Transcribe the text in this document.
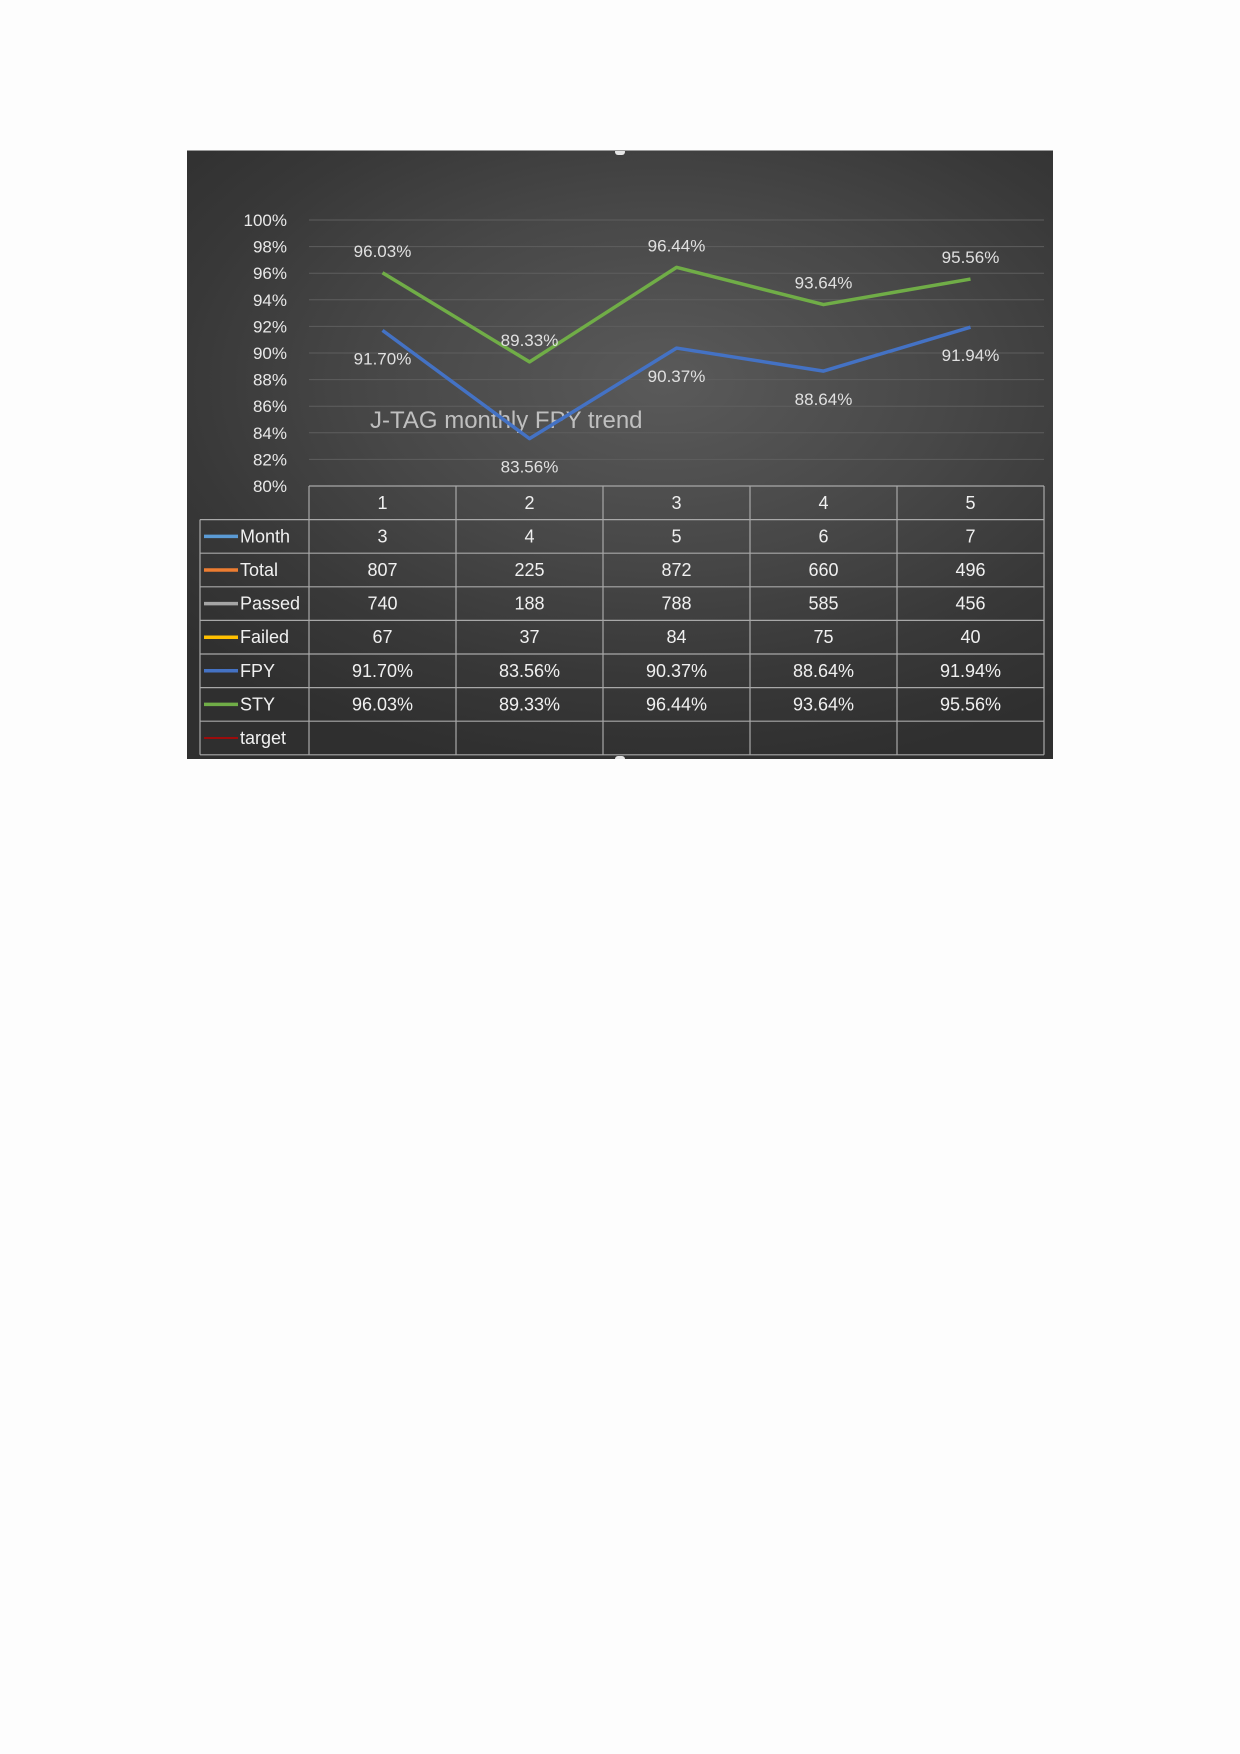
80%
82%
84%
86%
88%
90%
92%
94%
96%
98%
100%
J-TAG monthly FPY trend
91.70%
83.56%
90.37%
88.64%
91.94%
96.03%
89.33%
96.44%
93.64%
95.56%
1	2	3	4	5
Month	3	4	5	6	7
Total	807	225	872	660	496
Passed	740	188	788	585	456
Failed	67	37	84	75	40
FPY	91.70%	83.56%	90.37%	88.64%	91.94%
STY	96.03%	89.33%	96.44%	93.64%	95.56%
target
